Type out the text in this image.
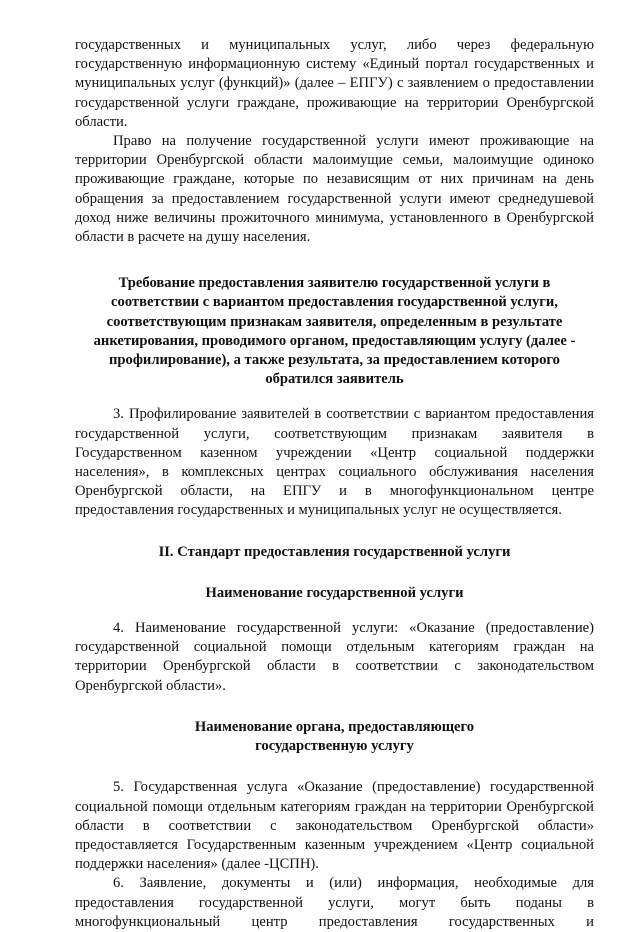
государственных и муниципальных услуг, либо через федеральную государственную информационную систему «Единый портал государственных и муниципальных услуг (функций)» (далее – ЕПГУ) с заявлением о предоставлении государственной услуги граждане, проживающие на территории Оренбургской области.

Право на получение государственной услуги имеют проживающие на территории Оренбургской области малоимущие семьи, малоимущие одиноко проживающие граждане, которые по независящим от них причинам на день обращения за предоставлением государственной услуги имеют среднедушевой доход ниже величины прожиточного минимума, установленного в Оренбургской области в расчете на душу населения.

Требование предоставления заявителю государственной услуги в соответствии с вариантом предоставления государственной услуги, соответствующим признакам заявителя, определенным в результате анкетирования, проводимого органом, предоставляющим услугу (далее - профилирование), а также результата, за предоставлением которого обратился заявитель

3. Профилирование заявителей в соответствии с вариантом предоставления государственной услуги, соответствующим признакам заявителя в Государственном казенном учреждении «Центр социальной поддержки населения», в комплексных центрах социального обслуживания населения Оренбургской области, на ЕПГУ и в многофункциональном центре предоставления государственных и муниципальных услуг не осуществляется.

II. Стандарт предоставления государственной услуги

Наименование государственной услуги

4. Наименование государственной услуги: «Оказание (предоставление) государственной социальной помощи отдельным категориям граждан на территории Оренбургской области в соответствии с законодательством Оренбургской области».

Наименование органа, предоставляющего

государственную услугу

5. Государственная услуга «Оказание (предоставление) государственной социальной помощи отдельным категориям граждан на территории Оренбургской области в соответствии с законодательством Оренбургской области» предоставляется Государственным казенным учреждением «Центр социальной поддержки населения» (далее -ЦСПН).

6. Заявление, документы и (или) информация, необходимые для предоставления государственной услуги, могут быть поданы в многофункциональный центр предоставления государственных и
